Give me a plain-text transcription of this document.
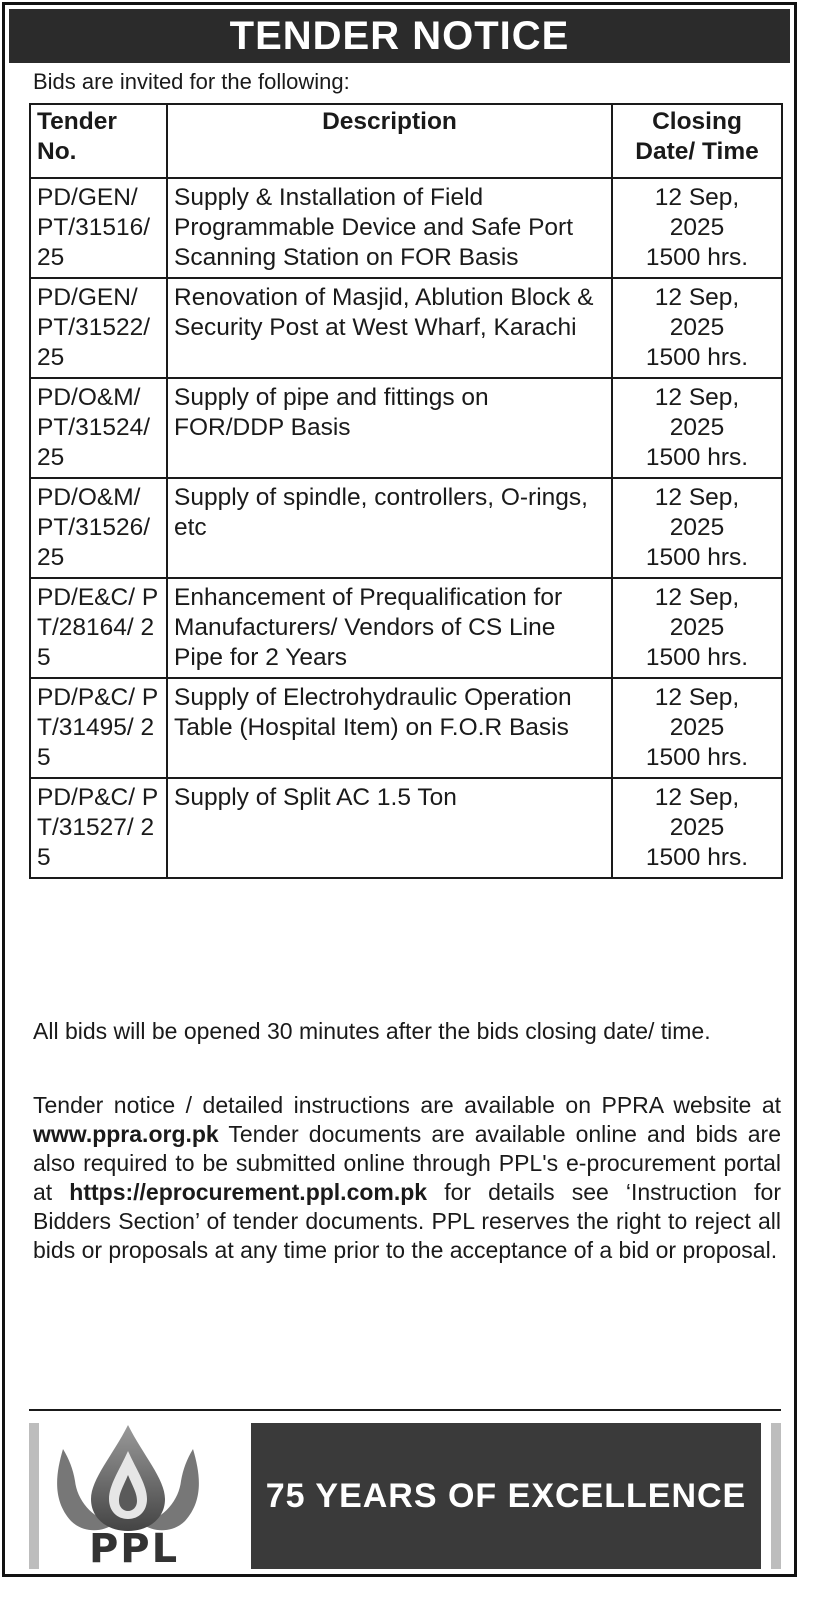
TENDER NOTICE
Bids are invited for the following:
Tender No.	Description	Closing Date/ Time
PD/GEN/ PT/31516/ 25	Supply & Installation of Field Programmable Device and Safe Port Scanning Station on FOR Basis	12 Sep,
2025
1500 hrs.

PD/GEN/ PT/31522/ 25	Renovation of Masjid, Ablution Block & Security Post at West Wharf, Karachi	12 Sep,
2025
1500 hrs.

PD/O&M/ PT/31524/ 25	Supply of pipe and fittings on FOR/DDP Basis	12 Sep,
2025
1500 hrs.

PD/O&M/ PT/31526/ 25	Supply of spindle, controllers, O-rings, etc	12 Sep,
2025
1500 hrs.

PD/E&C/ PT/28164/ 25	Enhancement of Prequalification for Manufacturers/ Vendors of CS Line Pipe for 2 Years	12 Sep,
2025
1500 hrs.

PD/P&C/ PT/31495/ 25	Supply of Electrohydraulic Operation Table (Hospital Item) on F.O.R Basis	12 Sep,
2025
1500 hrs.

PD/P&C/ PT/31527/ 25	Supply of Split AC 1.5 Ton	12 Sep,
2025
1500 hrs.
All bids will be opened 30 minutes after the bids closing date/ time.
Tender notice / detailed instructions are available on PPRA website at www.ppra.org.pk Tender documents are available online and bids are also required to be submitted online through PPL's e-procurement portal at https://eprocurement.ppl.com.pk for details see ‘Instruction for Bidders Section’ of tender documents. PPL reserves the right to reject all bids or proposals at any time prior to the acceptance of a bid or proposal.
PPL
75 YEARS OF EXCELLENCE
